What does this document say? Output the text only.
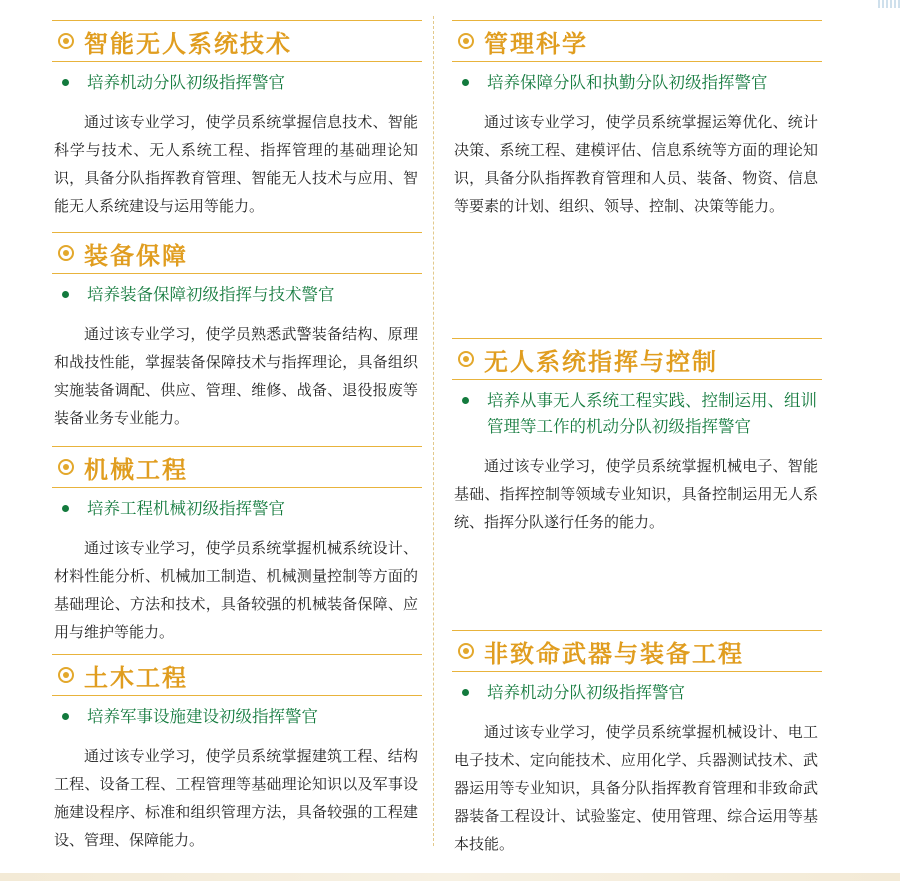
智能无人系统技术
培养机动分队初级指挥警官
通过该专业学习，使学员系统掌握信息技术、智能科学与技术、无人系统工程、指挥管理的基础理论知识，具备分队指挥教育管理、智能无人技术与应用、智能无人系统建设与运用等能力。
装备保障
培养装备保障初级指挥与技术警官
通过该专业学习，使学员熟悉武警装备结构、原理和战技性能，掌握装备保障技术与指挥理论，具备组织实施装备调配、供应、管理、维修、战备、退役报废等装备业务专业能力。
机械工程
培养工程机械初级指挥警官
通过该专业学习，使学员系统掌握机械系统设计、材料性能分析、机械加工制造、机械测量控制等方面的基础理论、方法和技术，具备较强的机械装备保障、应用与维护等能力。
土木工程
培养军事设施建设初级指挥警官
通过该专业学习，使学员系统掌握建筑工程、结构工程、设备工程、工程管理等基础理论知识以及军事设施建设程序、标准和组织管理方法，具备较强的工程建设、管理、保障能力。
管理科学
培养保障分队和执勤分队初级指挥警官
通过该专业学习，使学员系统掌握运筹优化、统计决策、系统工程、建模评估、信息系统等方面的理论知识，具备分队指挥教育管理和人员、装备、物资、信息等要素的计划、组织、领导、控制、决策等能力。
无人系统指挥与控制
培养从事无人系统工程实践、控制运用、组训管理等工作的机动分队初级指挥警官
通过该专业学习，使学员系统掌握机械电子、智能基础、指挥控制等领域专业知识，具备控制运用无人系统、指挥分队遂行任务的能力。
非致命武器与装备工程
培养机动分队初级指挥警官
通过该专业学习，使学员系统掌握机械设计、电工电子技术、定向能技术、应用化学、兵器测试技术、武器运用等专业知识，具备分队指挥教育管理和非致命武器装备工程设计、试验鉴定、使用管理、综合运用等基本技能。
